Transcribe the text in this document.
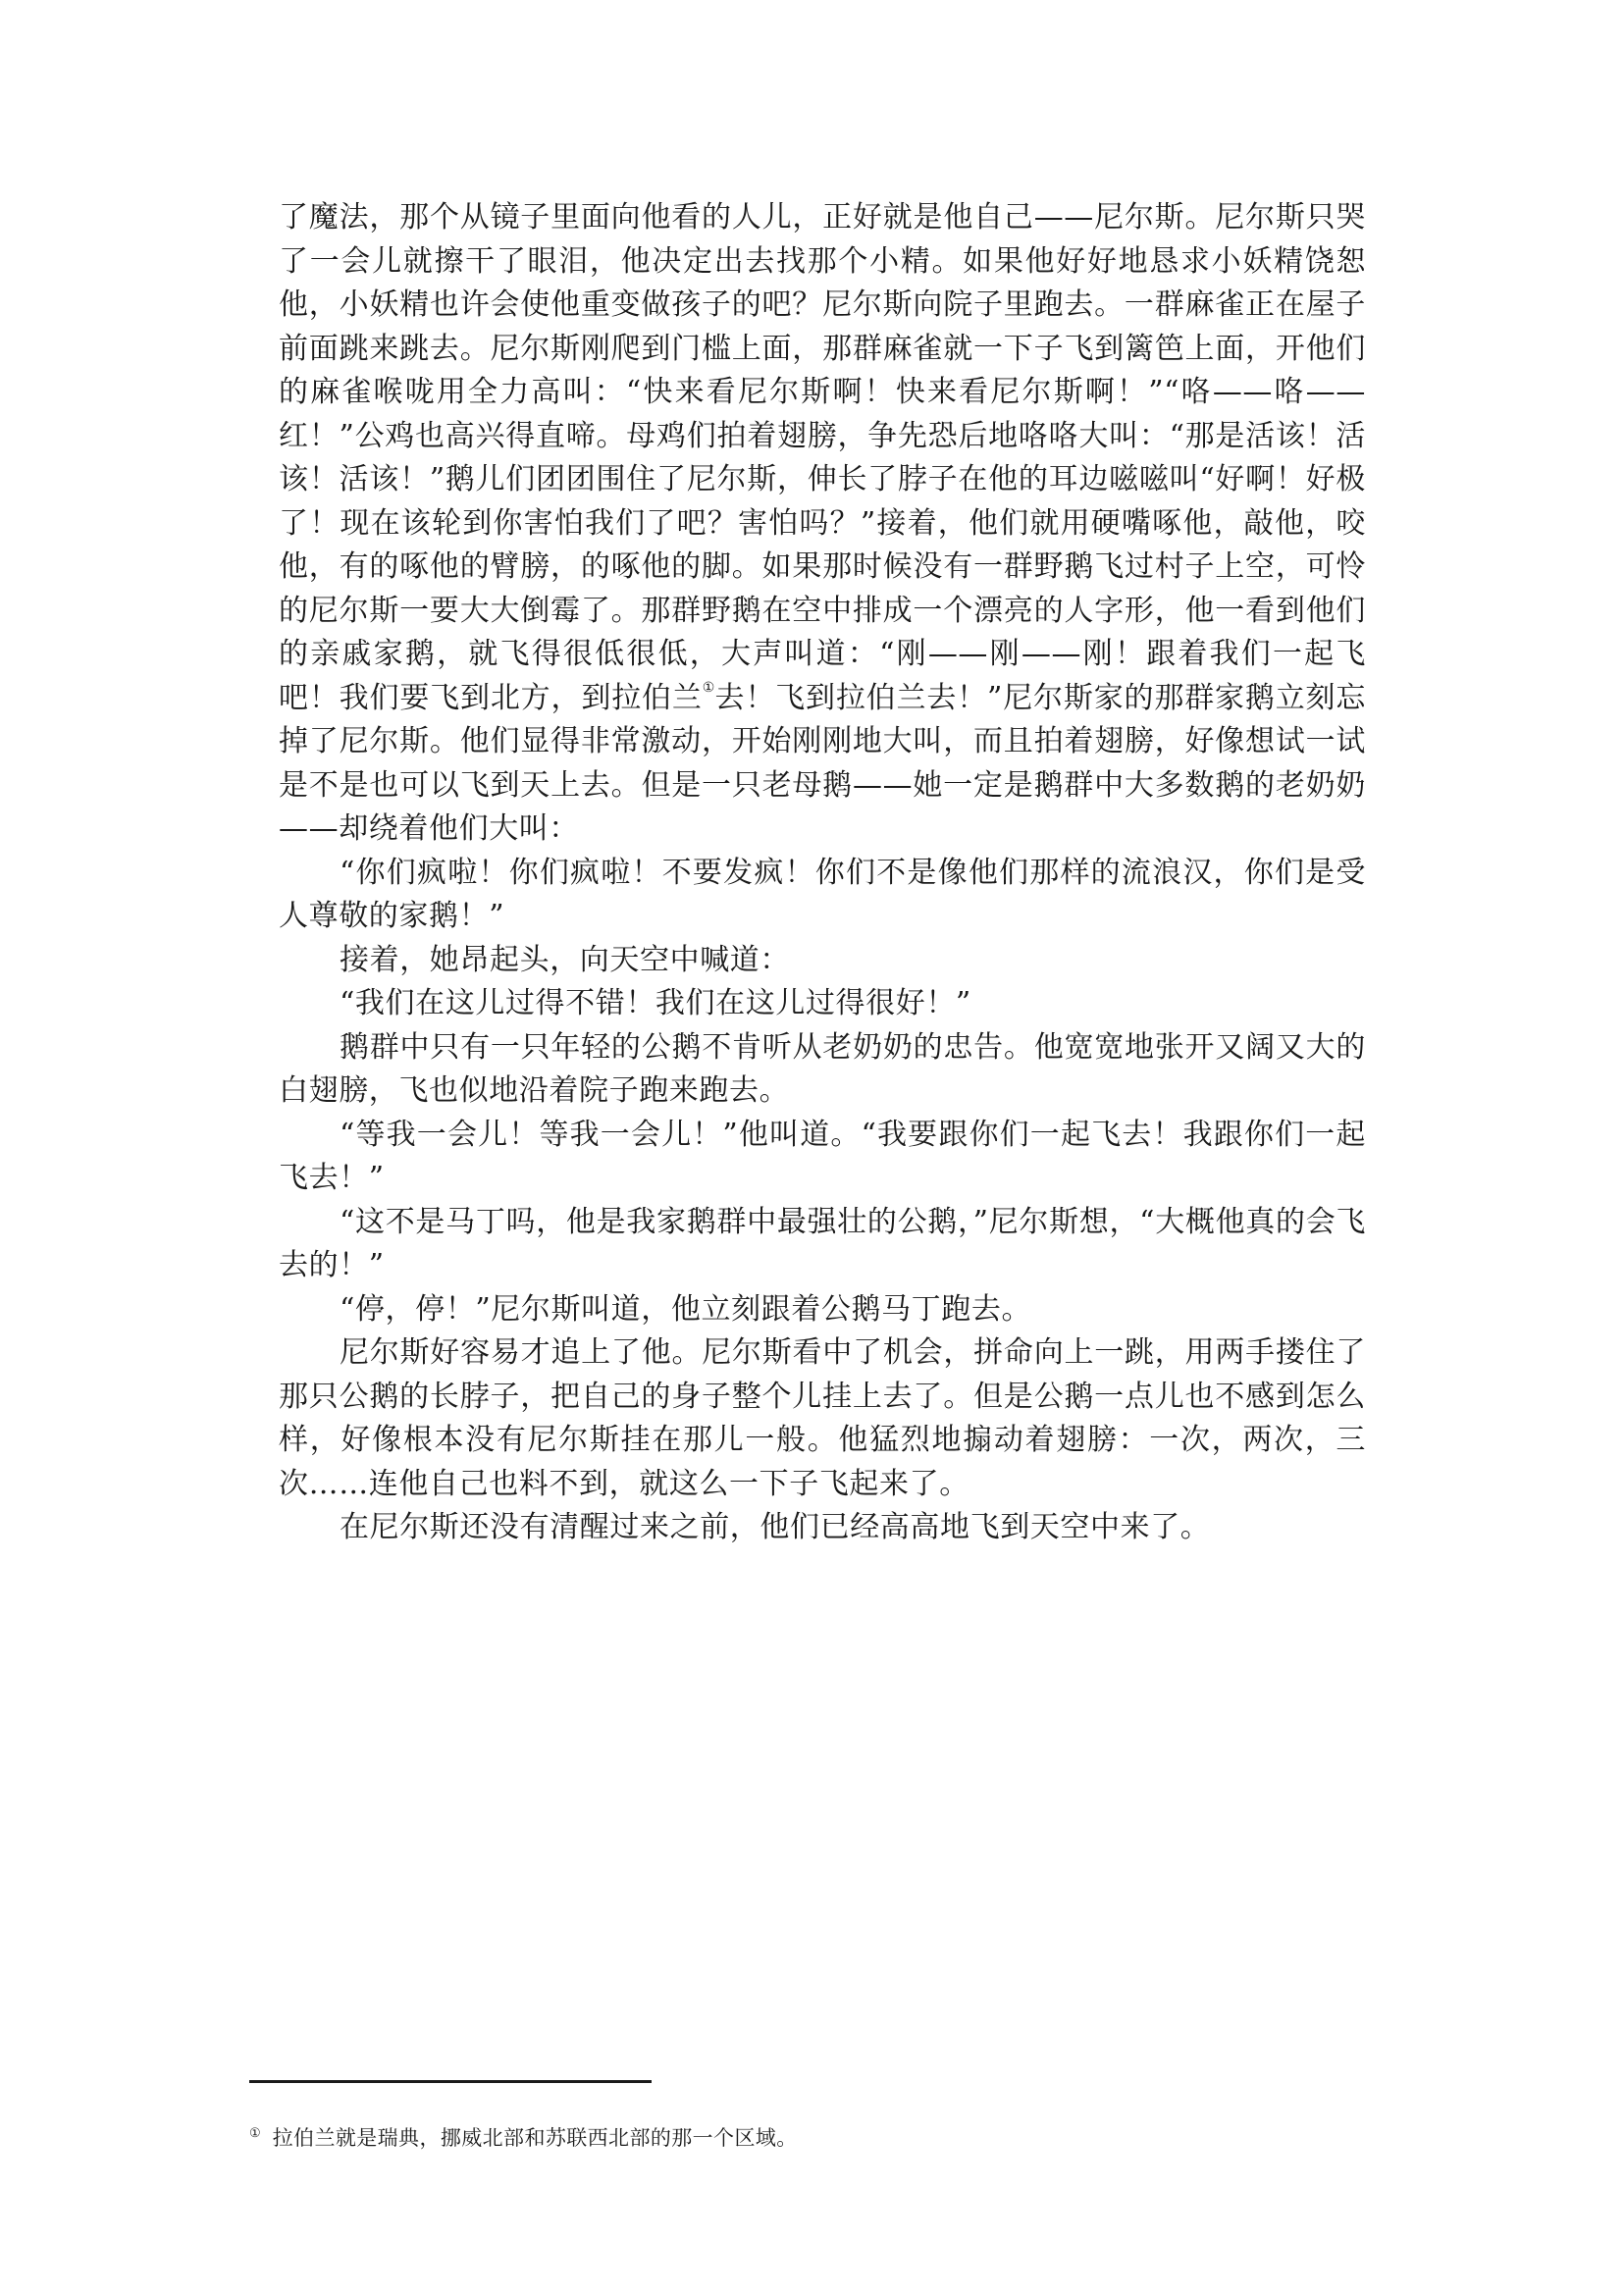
了魔法，那个从镜子里面向他看的人儿，正好就是他自己——尼尔斯。尼尔斯只哭了一会儿就擦干了眼泪，他决定出去找那个小精。如果他好好地恳求小妖精饶恕他，小妖精也许会使他重变做孩子的吧？尼尔斯向院子里跑去。一群麻雀正在屋子前面跳来跳去。尼尔斯刚爬到门槛上面，那群麻雀就一下子飞到篱笆上面，开他们的麻雀喉咙用全力高叫：“快来看尼尔斯啊！快来看尼尔斯啊！”“咯——咯——红！”公鸡也高兴得直啼。母鸡们拍着翅膀，争先恐后地咯咯大叫：“那是活该！活该！活该！”鹅儿们团团围住了尼尔斯，伸长了脖子在他的耳边嗞嗞叫“好啊！好极了！现在该轮到你害怕我们了吧？害怕吗？”接着，他们就用硬嘴啄他，敲他，咬他，有的啄他的臂膀，的啄他的脚。如果那时候没有一群野鹅飞过村子上空，可怜的尼尔斯一要大大倒霉了。那群野鹅在空中排成一个漂亮的人字形，他一看到他们的亲戚家鹅，就飞得很低很低，大声叫道：“刚——刚——刚！跟着我们一起飞吧！我们要飞到北方，到拉伯兰①去！飞到拉伯兰去！”尼尔斯家的那群家鹅立刻忘掉了尼尔斯。他们显得非常激动，开始刚刚地大叫，而且拍着翅膀，好像想试一试是不是也可以飞到天上去。但是一只老母鹅——她一定是鹅群中大多数鹅的老奶奶——却绕着他们大叫：

“你们疯啦！你们疯啦！不要发疯！你们不是像他们那样的流浪汉，你们是受人尊敬的家鹅！”

接着，她昂起头，向天空中喊道：

“我们在这儿过得不错！我们在这儿过得很好！”

鹅群中只有一只年轻的公鹅不肯听从老奶奶的忠告。他宽宽地张开又阔又大的白翅膀，飞也似地沿着院子跑来跑去。

“等我一会儿！等我一会儿！”他叫道。“我要跟你们一起飞去！我跟你们一起飞去！”

“这不是马丁吗，他是我家鹅群中最强壮的公鹅，”尼尔斯想，“大概他真的会飞去的！”

“停，停！”尼尔斯叫道，他立刻跟着公鹅马丁跑去。

尼尔斯好容易才追上了他。尼尔斯看中了机会，拼命向上一跳，用两手搂住了那只公鹅的长脖子，把自己的身子整个儿挂上去了。但是公鹅一点儿也不感到怎么样，好像根本没有尼尔斯挂在那儿一般。他猛烈地搧动着翅膀：一次，两次，三次……连他自己也料不到，就这么一下子飞起来了。

在尼尔斯还没有清醒过来之前，他们已经高高地飞到天空中来了。

① 拉伯兰就是瑞典，挪威北部和苏联西北部的那一个区域。
